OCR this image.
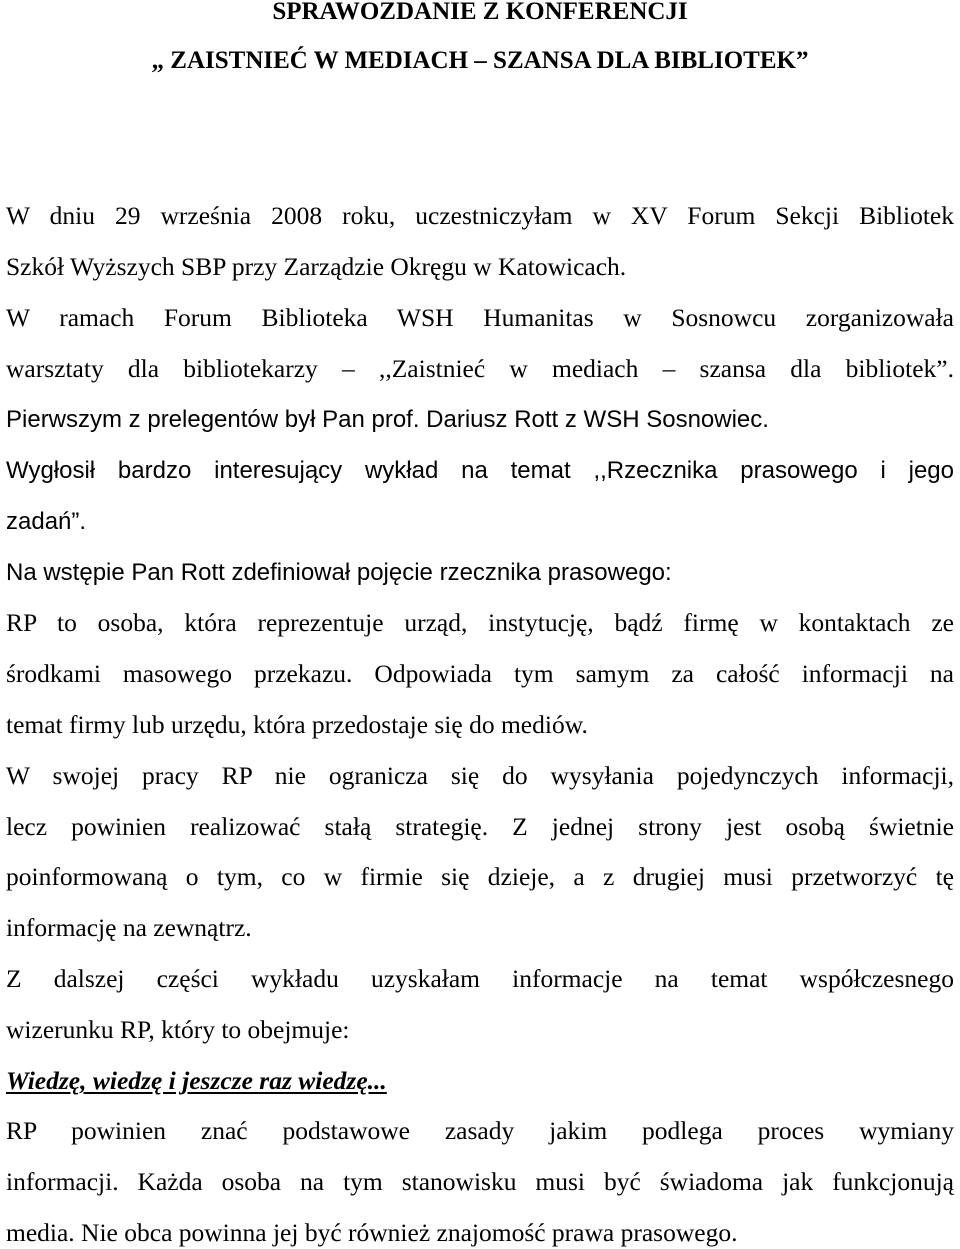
SPRAWOZDANIE Z KONFERENCJI
„ ZAISTNIEĆ W MEDIACH – SZANSA DLA BIBLIOTEK”
W dniu 29 września 2008 roku, uczestniczyłam w XV Forum Sekcji Bibliotek
Szkół Wyższych SBP przy Zarządzie Okręgu w Katowicach.
W ramach Forum Biblioteka WSH Humanitas w Sosnowcu zorganizowała
warsztaty dla bibliotekarzy – ,,Zaistnieć w mediach – szansa dla bibliotek”.
Pierwszym z prelegentów był Pan prof. Dariusz Rott z WSH Sosnowiec.
Wygłosił bardzo interesujący wykład na temat ,,Rzecznika prasowego i jego
zadań”.
Na wstępie Pan Rott zdefiniował pojęcie rzecznika prasowego:
RP to osoba, która reprezentuje urząd, instytucję, bądź firmę w kontaktach ze
środkami masowego przekazu. Odpowiada tym samym za całość informacji na
temat firmy lub urzędu, która przedostaje się do mediów.
W swojej pracy RP nie ogranicza się do wysyłania pojedynczych informacji,
lecz powinien realizować stałą strategię. Z jednej strony jest osobą świetnie
poinformowaną o tym, co w firmie się dzieje, a z drugiej musi przetworzyć tę
informację na zewnątrz.
Z dalszej części wykładu uzyskałam informacje na temat współczesnego
wizerunku RP, który to obejmuje:
Wiedzę, wiedzę i jeszcze raz wiedzę...
RP powinien znać podstawowe zasady jakim podlega proces wymiany
informacji. Każda osoba na tym stanowisku musi być świadoma jak funkcjonują
media. Nie obca powinna jej być również znajomość prawa prasowego.
